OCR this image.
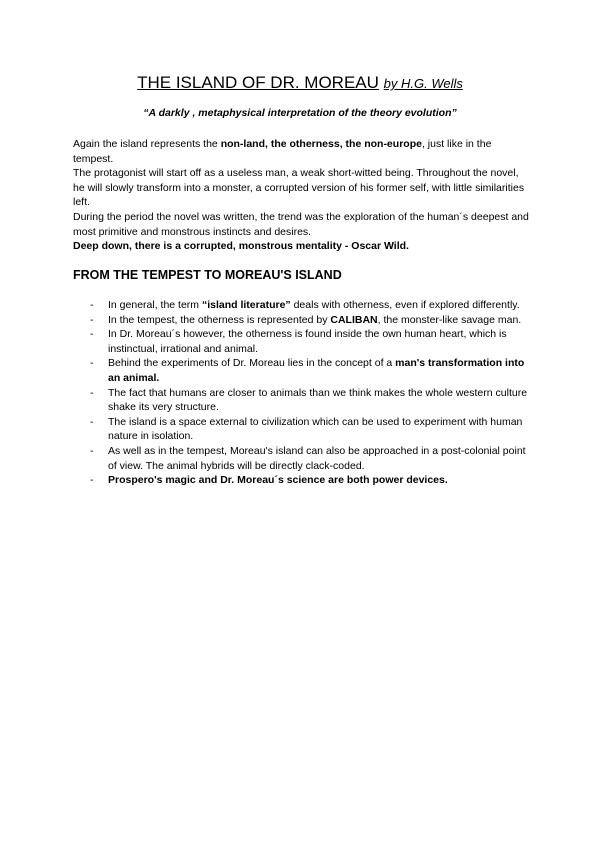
THE ISLAND OF DR. MOREAU by H.G. Wells
“A darkly , metaphysical interpretation of the theory evolution”

Again the island represents the non-land, the otherness, the non-europe, just like in the tempest.

The protagonist will start off as a useless man, a weak short-witted being. Throughout the novel, he will slowly transform into a monster, a corrupted version of his former self, with little similarities left.

During the period the novel was written, the trend was the exploration of the human´s deepest and most primitive and monstrous instincts and desires.

Deep down, there is a corrupted, monstrous mentality - Oscar Wild.

FROM THE TEMPEST TO MOREAU'S ISLAND
- In general, the term “island literature” deals with otherness, even if explored differently.
- In the tempest, the otherness is represented by CALIBAN, the monster-like savage man.
- In Dr. Moreau´s however, the otherness is found inside the own human heart, which is instinctual, irrational and animal.
- Behind the experiments of Dr. Moreau lies in the concept of a man's transformation into an animal.
- The fact that humans are closer to animals than we think makes the whole western culture shake its very structure.
- The island is a space external to civilization which can be used to experiment with human nature in isolation.
- As well as in the tempest, Moreau's island can also be approached in a post-colonial point of view. The animal hybrids will be directly clack-coded.
- Prospero's magic and Dr. Moreau´s science are both power devices.
